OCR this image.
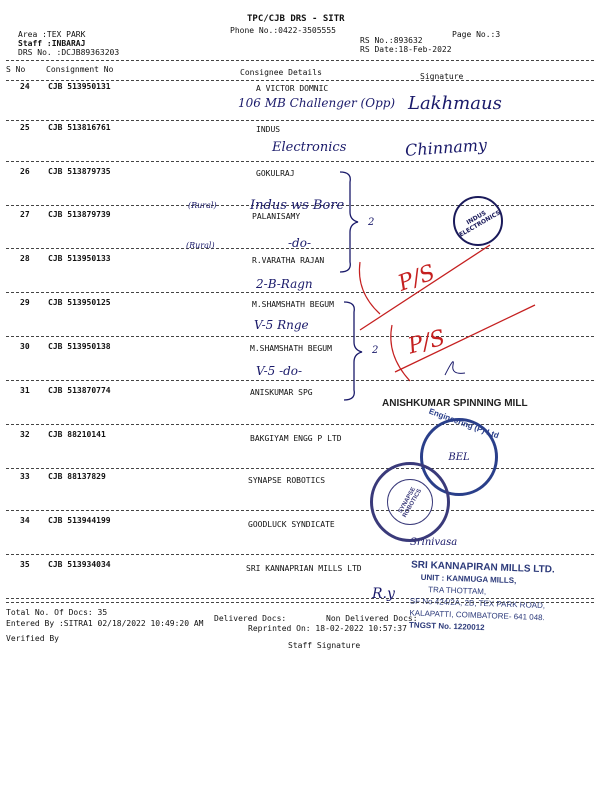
TPC/CJB DRS - SITR
Phone No.:0422-3505555
Area :TEX PARK
Staff :INBARAJ
DRS No. :DCJB89363203
RS No.:893632
RS Date:18-Feb-2022
Page No.:3
S No	Consignment No	Consignee Details	Signature
24 CJB 513950131	A VICTOR DOMNIC
25 CJB 513816761	INDUS
26 CJB 513879735	GOKULRAJ
27 CJB 513879739	PALANISAMY
28 CJB 513950133	R.VARATHA RAJAN
29 CJB 513950125	M.SHAMSHATH BEGUM
30 CJB 513950138	M.SHAMSHATH BEGUM
31 CJB 513870774	ANISKUMAR SPG
32 CJB 88210141	BAKGIYAM ENGG P LTD
33 CJB 88137829	SYNAPSE ROBOTICS
34 CJB 513944199	GOODLUCK SYNDICATE
35 CJB 513934034	SRI KANNAPRIAN MILLS LTD
106 MB Challenger (Opp) Lakhmaus
Electronics	Chinnamy
(Rural)	Indus ws Bore
(Rural)	-do-
2-B-Ragn
V-5 Rnge
V-5 -do-
2
2
Srinivasa
R.y
P/S
P/S
INDUS ELECTRONICS
ANISHKUMAR SPINNING MILL
Engineering (P) Ltd
BEL
SYNAPSE ROBOTICS
SRI KANNAPIRAN MILLS LTD.
UNIT : KANMUGA MILLS,
TRA THOTTAM,
SF No 424/2A, 2B, TEX PARK ROAD,
KALAPATTI, COIMBATORE- 641 048.
TNGST No. 1220012
Total No. Of Docs: 35
Delivered Docs:	Non Delivered Docs:
Entered By :SITRA1 02/18/2022 10:49:20 AM
Reprinted On: 18-02-2022 10:57:37
Verified By
Staff Signature
